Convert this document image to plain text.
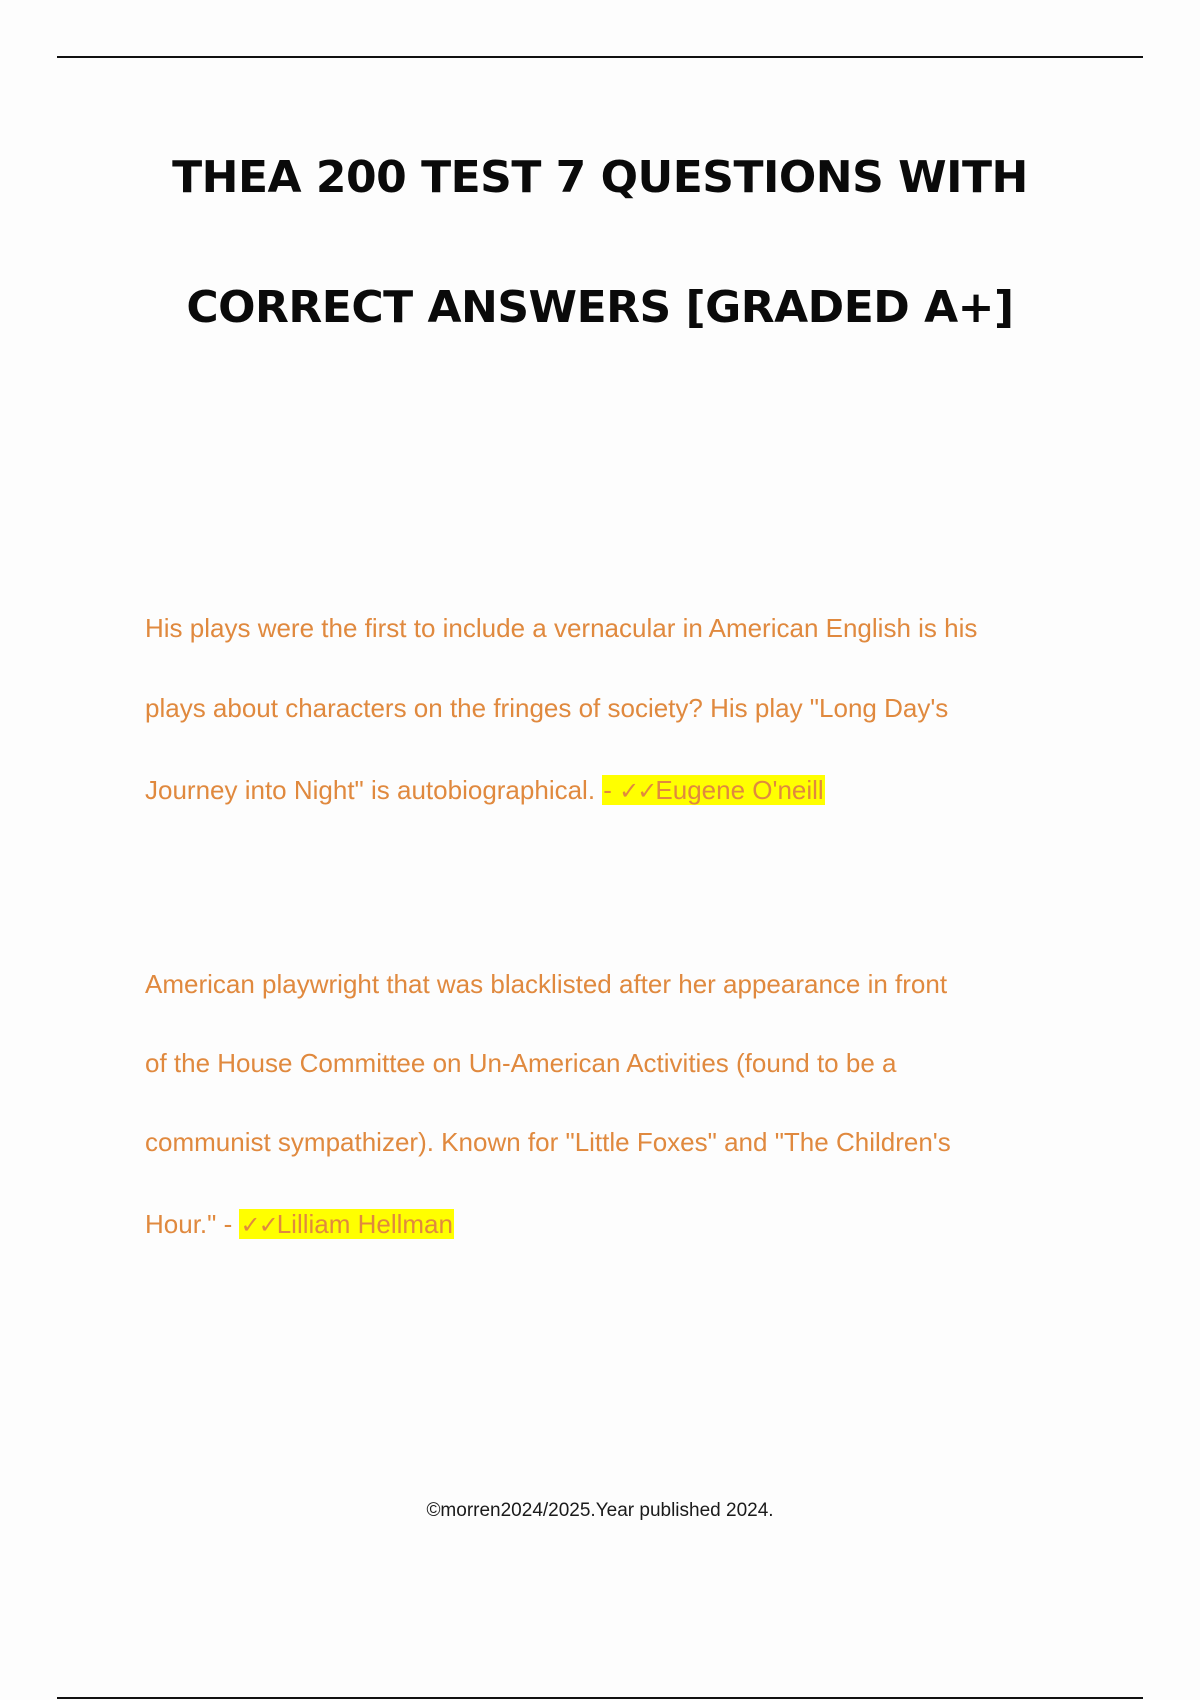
THEA 200 TEST 7 QUESTIONS WITH
CORRECT ANSWERS [GRADED A+]

His plays were the first to include a vernacular in American English is his

plays about characters on the fringes of society? His play "Long Day's

Journey into Night" is autobiographical. - ✓✓Eugene O'neill

American playwright that was blacklisted after her appearance in front

of the House Committee on Un-American Activities (found to be a

communist sympathizer). Known for "Little Foxes" and "The Children's

Hour." - ✓✓Lilliam Hellman

©morren2024/2025.Year published 2024.
